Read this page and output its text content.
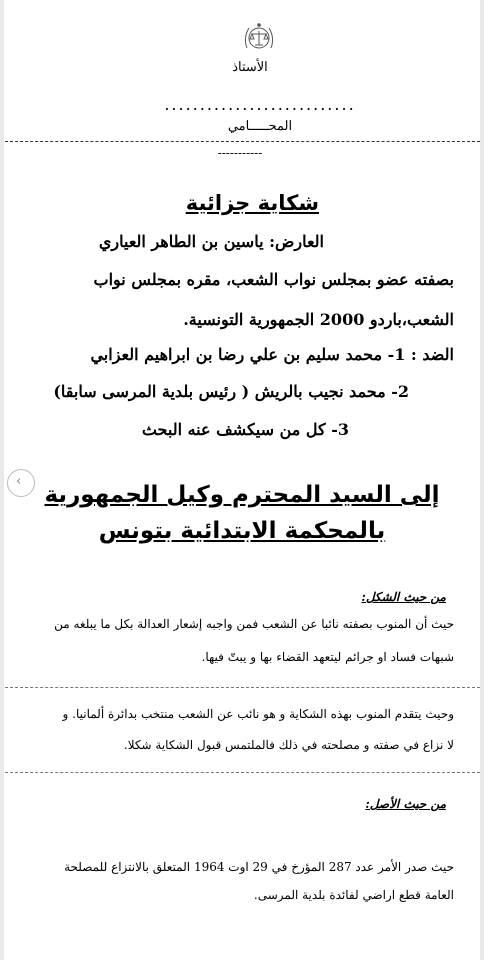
الأستاذ
...........................
المحـــــامي
-----------
شكاية جزائية
العارض: ياسين بن الطاهر العياري
بصفته عضو بمجلس نواب الشعب، مقره بمجلس نواب
الشعب،باردو 2000 الجمهورية التونسية.
الضد : 1- محمد سليم بن علي رضا بن ابراهيم العزابي
2- محمد نجيب بالريش ( رئيس بلدية المرسى سابقا)
3- كل من سيكشف عنه البحث
إلى السيد المحترم وكيل الجمهورية
بالمحكمة الابتدائية بتونس
من حيث الشكل:
حيث أن المنوب بصفته نائبا عن الشعب فمن واجبه إشعار العدالة بكل ما يبلغه من
شبهات فساد او جرائم ليتعهد القضاء بها و يبتّ فيها.
وحيث يتقدم المنوب بهذه الشكاية و هو نائب عن الشعب منتخب بدائرة ألمانيا. و
لا نزاع في صفته و مصلحته في ذلك فالملتمس قبول الشكاية شكلا.
من حيث الأصل:
حيث صدر الأمر عدد 287 المؤرخ في 29 اوت 1964 المتعلق بالانتزاع للمصلحة
العامة قطع اراضي لفائدة بلدية المرسى.
‹
